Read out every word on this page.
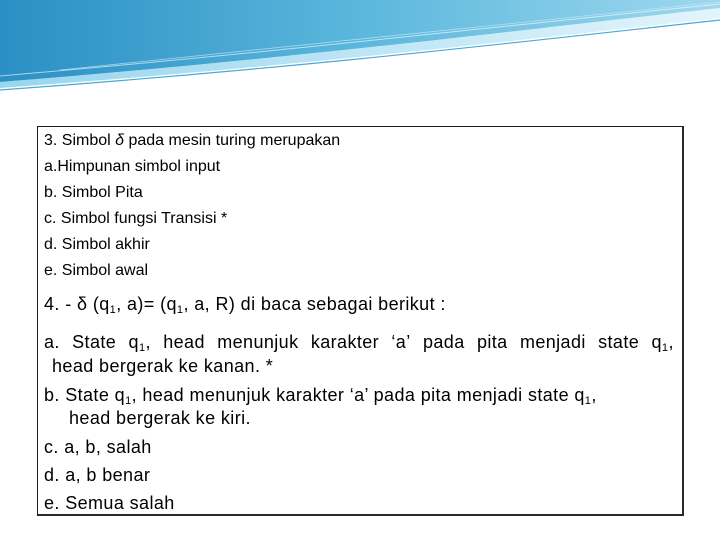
3. Simbol δ pada mesin turing merupakan
a.Himpunan simbol input
b. Simbol Pita
c. Simbol fungsi Transisi *
d. Simbol akhir
e. Simbol awal
4. - δ ($q_1$, $a)= (q_1$, a, R) di baca sebagai berikut :
a. State $q_1$, head menunjuk karakter ‘a’ pada pita menjadi state $q_1$,
head bergerak ke kanan. *
b. State $q_1$, head menunjuk karakter ‘a’ pada pita menjadi state $q_1$,
head bergerak ke kiri.
c. a, b, salah
d. a, b benar
e. Semua salah
